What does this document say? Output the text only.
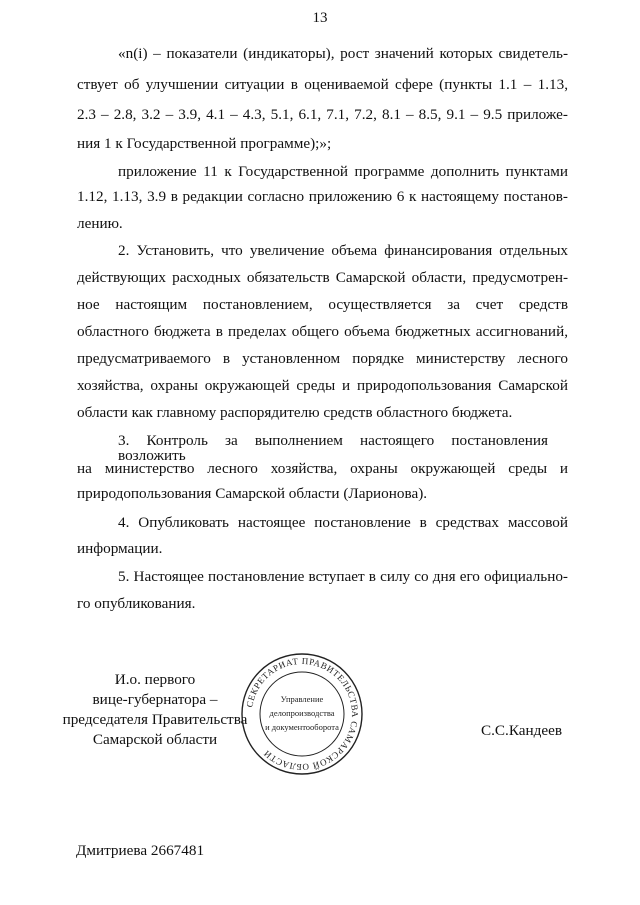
13
«n(i) – показатели (индикаторы), рост значений которых свидетель-
ствует об улучшении ситуации в оцениваемой сфере (пункты 1.1 – 1.13,
2.3 – 2.8, 3.2 – 3.9, 4.1 – 4.3, 5.1, 6.1, 7.1, 7.2, 8.1 – 8.5, 9.1 – 9.5 приложе-
ния 1 к Государственной программе);»;
приложение 11 к Государственной программе дополнить пунктами
1.12, 1.13, 3.9 в редакции согласно приложению 6 к настоящему постанов-
лению.
2. Установить, что увеличение объема финансирования отдельных
действующих расходных обязательств Самарской области, предусмотрен-
ное настоящим постановлением, осуществляется за счет средств
областного бюджета в пределах общего объема бюджетных ассигнований,
предусматриваемого в установленном порядке министерству лесного
хозяйства, охраны окружающей среды и природопользования Самарской
области как главному распорядителю средств областного бюджета.
3. Контроль за выполнением настоящего постановления возложить
на министерство лесного хозяйства, охраны окружающей среды и
природопользования Самарской области (Ларионова).
4. Опубликовать настоящее постановление в средствах массовой
информации.
5. Настоящее постановление вступает в силу со дня его официально-
го опубликования.
И.о. первого
вице-губернатора –
председателя Правительства
Самарской области
СЕКРЕТАРИАТ ПРАВИТЕЛЬСТВА САМАРСКОЙ ОБЛАСТИ
Управление
делопроизводства
и документооборота	С.С.Кандеев
Дмитриева 2667481
